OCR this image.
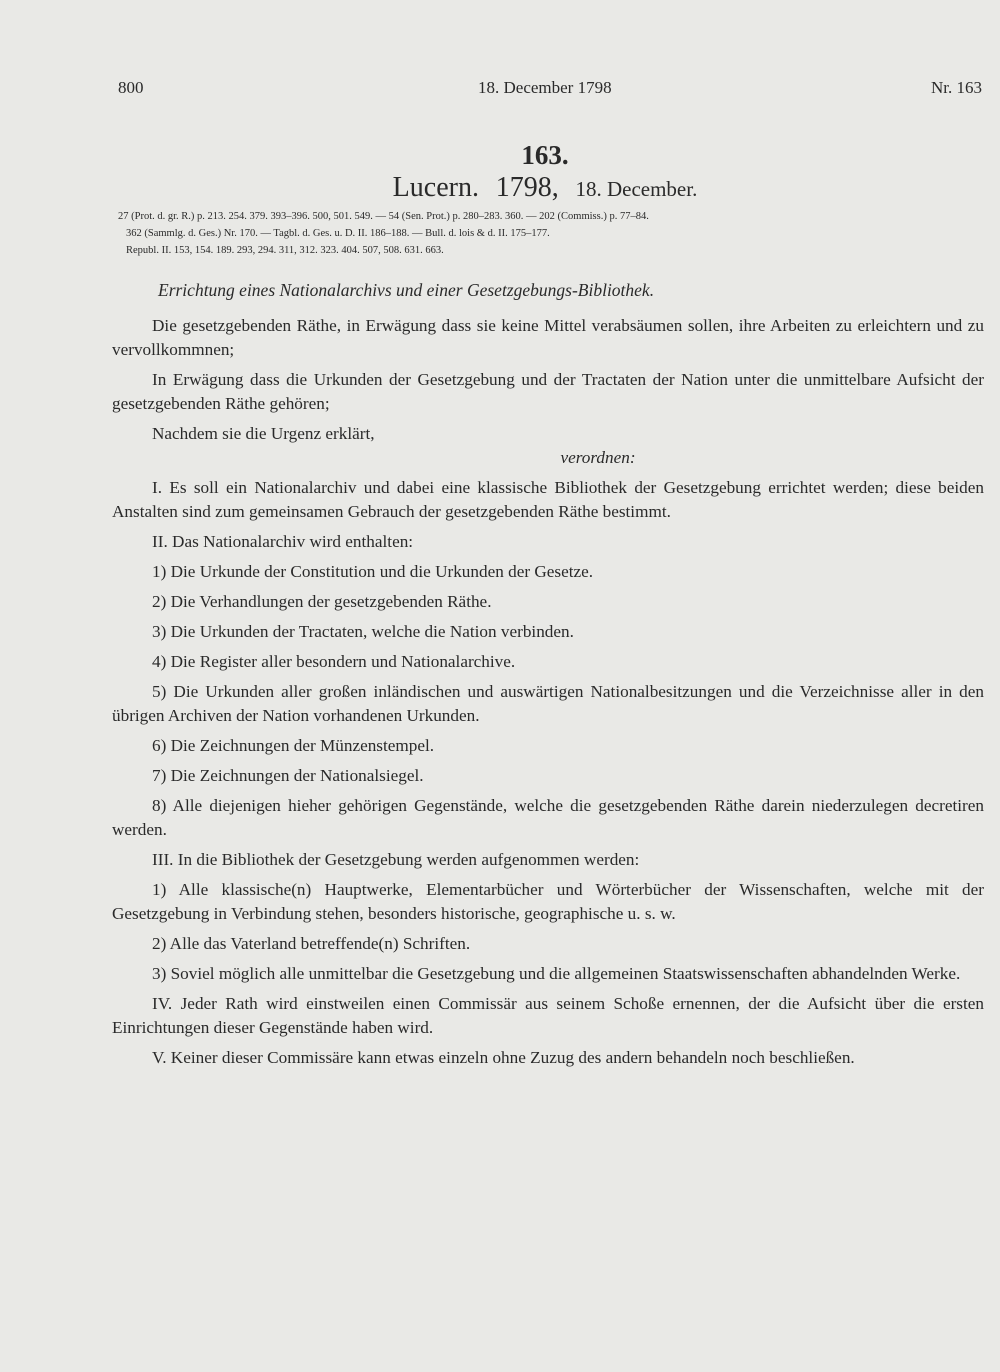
800	18. December 1798	Nr. 163
163.
Lucern. 1798, 18. December.

27 (Prot. d. gr. R.) p. 213. 254. 379. 393–396. 500, 501. 549. — 54 (Sen. Prot.) p. 280–283. 360. — 202 (Commiss.) p. 77–84.

362 (Sammlg. d. Ges.) Nr. 170. — Tagbl. d. Ges. u. D. II. 186–188. — Bull. d. lois & d. II. 175–177.

Republ. II. 153, 154. 189. 293, 294. 311, 312. 323. 404. 507, 508. 631. 663.

Errichtung eines Nationalarchivs und einer Gesetzgebungs-Bibliothek.

Die gesetzgebenden Räthe, in Erwägung dass sie keine Mittel verabsäumen sollen, ihre Arbeiten zu erleichtern und zu vervollkommnen;

In Erwägung dass die Urkunden der Gesetzgebung und der Tractaten der Nation unter die unmittelbare Aufsicht der gesetzgebenden Räthe gehören;

Nachdem sie die Urgenz erklärt,

verordnen:

I. Es soll ein Nationalarchiv und dabei eine klassische Bibliothek der Gesetzgebung errichtet werden; diese beiden Anstalten sind zum gemeinsamen Gebrauch der gesetzgebenden Räthe bestimmt.

II. Das Nationalarchiv wird enthalten:

1) Die Urkunde der Constitution und die Urkunden der Gesetze.

2) Die Verhandlungen der gesetzgebenden Räthe.

3) Die Urkunden der Tractaten, welche die Nation verbinden.

4) Die Register aller besondern und Nationalarchive.

5) Die Urkunden aller großen inländischen und auswärtigen Nationalbesitzungen und die Verzeichnisse aller in den übrigen Archiven der Nation vorhandenen Urkunden.

6) Die Zeichnungen der Münzenstempel.

7) Die Zeichnungen der Nationalsiegel.

8) Alle diejenigen hieher gehörigen Gegenstände, welche die gesetzgebenden Räthe darein niederzulegen decretiren werden.

III. In die Bibliothek der Gesetzgebung werden aufgenommen werden:

1) Alle klassische(n) Hauptwerke, Elementarbücher und Wörterbücher der Wissenschaften, welche mit der Gesetzgebung in Verbindung stehen, besonders historische, geographische u. s. w.

2) Alle das Vaterland betreffende(n) Schriften.

3) Soviel möglich alle unmittelbar die Gesetzgebung und die allgemeinen Staatswissenschaften abhandelnden Werke.

IV. Jeder Rath wird einstweilen einen Commissär aus seinem Schoße ernennen, der die Aufsicht über die ersten Einrichtungen dieser Gegenstände haben wird.

V. Keiner dieser Commissäre kann etwas einzeln ohne Zuzug des andern behandeln noch beschließen.
